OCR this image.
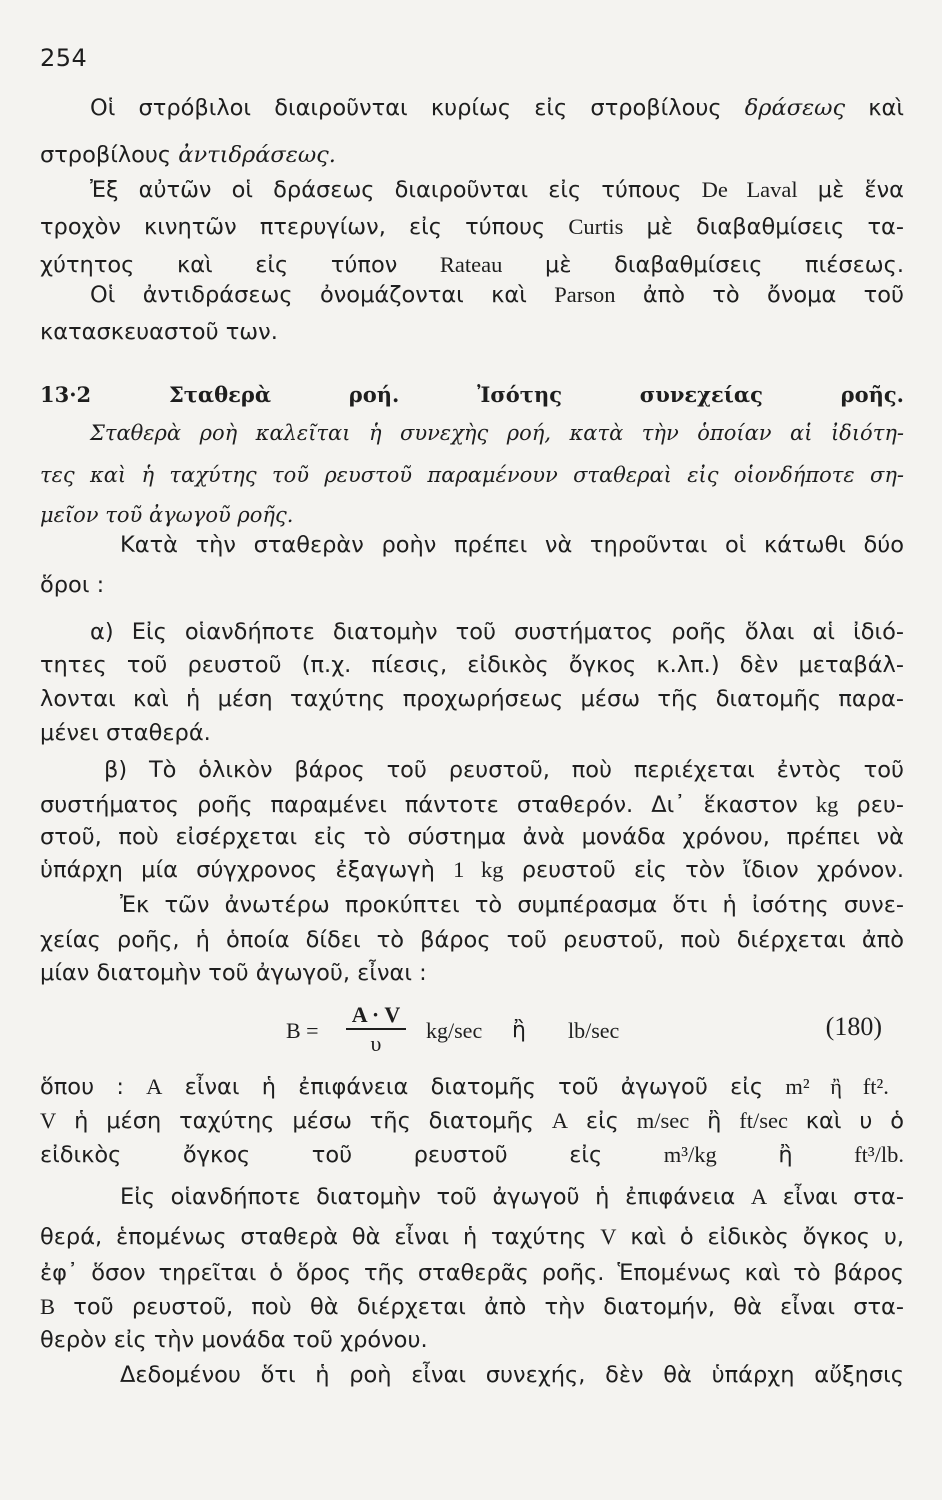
254
Οἱ στρόβιλοι διαιροῦνται κυρίως εἰς στροβίλους δράσεως καὶ
στροβίλους ἀντιδράσεως.
Ἐξ αὐτῶν οἱ δράσεως διαιροῦνται εἰς τύπους De Laval μὲ ἕνα
τροχὸν κινητῶν πτερυγίων, εἰς τύπους Curtis μὲ διαβαθμίσεις τα-
χύτητος καὶ εἰς τύπον Rateau μὲ διαβαθμίσεις πιέσεως.
Οἱ ἀντιδράσεως ὀνομάζονται καὶ Parson ἀπὸ τὸ ὄνομα τοῦ
κατασκευαστοῦ των.
13·2 Σταθερὰ ροή. Ἰσότης συνεχείας ροῆς.
Σταθερὰ ροὴ καλεῖται ἡ συνεχὴς ροή, κατὰ τὴν ὁποίαν αἱ ἰδιότη-
τες καὶ ἡ ταχύτης τοῦ ρευστοῦ παραμένουν σταθεραὶ εἰς οἱονδήποτε ση-
μεῖον τοῦ ἀγωγοῦ ροῆς.
Κατὰ τὴν σταθερὰν ροὴν πρέπει νὰ τηροῦνται οἱ κάτωθι δύο
ὅροι :
α) Εἰς οἱανδήποτε διατομὴν τοῦ συστήματος ροῆς ὅλαι αἱ ἰδιό-
τητες τοῦ ρευστοῦ (π.χ. πίεσις, εἰδικὸς ὄγκος κ.λπ.) δὲν μεταβάλ-
λονται καὶ ἡ μέση ταχύτης προχωρήσεως μέσω τῆς διατομῆς παρα-
μένει σταθερά.
β) Τὸ ὁλικὸν βάρος τοῦ ρευστοῦ, ποὺ περιέχεται ἐντὸς τοῦ
συστήματος ροῆς παραμένει πάντοτε σταθερόν. Δι᾽ ἕκαστον kg ρευ-
στοῦ, ποὺ εἰσέρχεται εἰς τὸ σύστημα ἀνὰ μονάδα χρόνου, πρέπει νὰ
ὑπάρχη μία σύγχρονος ἐξαγωγὴ 1 kg ρευστοῦ εἰς τὸν ἴδιον χρόνον.
Ἐκ τῶν ἀνωτέρω προκύπτει τὸ συμπέρασμα ὅτι ἡ ἰσότης συνε-
χείας ροῆς, ἡ ὁποία δίδει τὸ βάρος τοῦ ρευστοῦ, ποὺ διέρχεται ἀπὸ
μίαν διατομὴν τοῦ ἀγωγοῦ, εἶναι :
B =
A · V
υ	kg/sec ἢ lb/sec	(180)
ὅπου : A εἶναι ἡ ἐπιφάνεια διατομῆς τοῦ ἀγωγοῦ εἰς m² ἢ ft².
V ἡ μέση ταχύτης μέσω τῆς διατομῆς A εἰς m/sec ἢ ft/sec καὶ υ ὁ
εἰδικὸς ὄγκος τοῦ ρευστοῦ εἰς m³/kg ἢ ft³/lb.
Εἰς οἱανδήποτε διατομὴν τοῦ ἀγωγοῦ ἡ ἐπιφάνεια A εἶναι στα-
θερά, ἑπομένως σταθερὰ θὰ εἶναι ἡ ταχύτης V καὶ ὁ εἰδικὸς ὄγκος υ,
ἐφ᾽ ὅσον τηρεῖται ὁ ὅρος τῆς σταθερᾶς ροῆς. Ἑπομένως καὶ τὸ βάρος
B τοῦ ρευστοῦ, ποὺ θὰ διέρχεται ἀπὸ τὴν διατομήν, θὰ εἶναι στα-
θερὸν εἰς τὴν μονάδα τοῦ χρόνου.
Δεδομένου ὅτι ἡ ροὴ εἶναι συνεχής, δὲν θὰ ὑπάρχη αὔξησις
